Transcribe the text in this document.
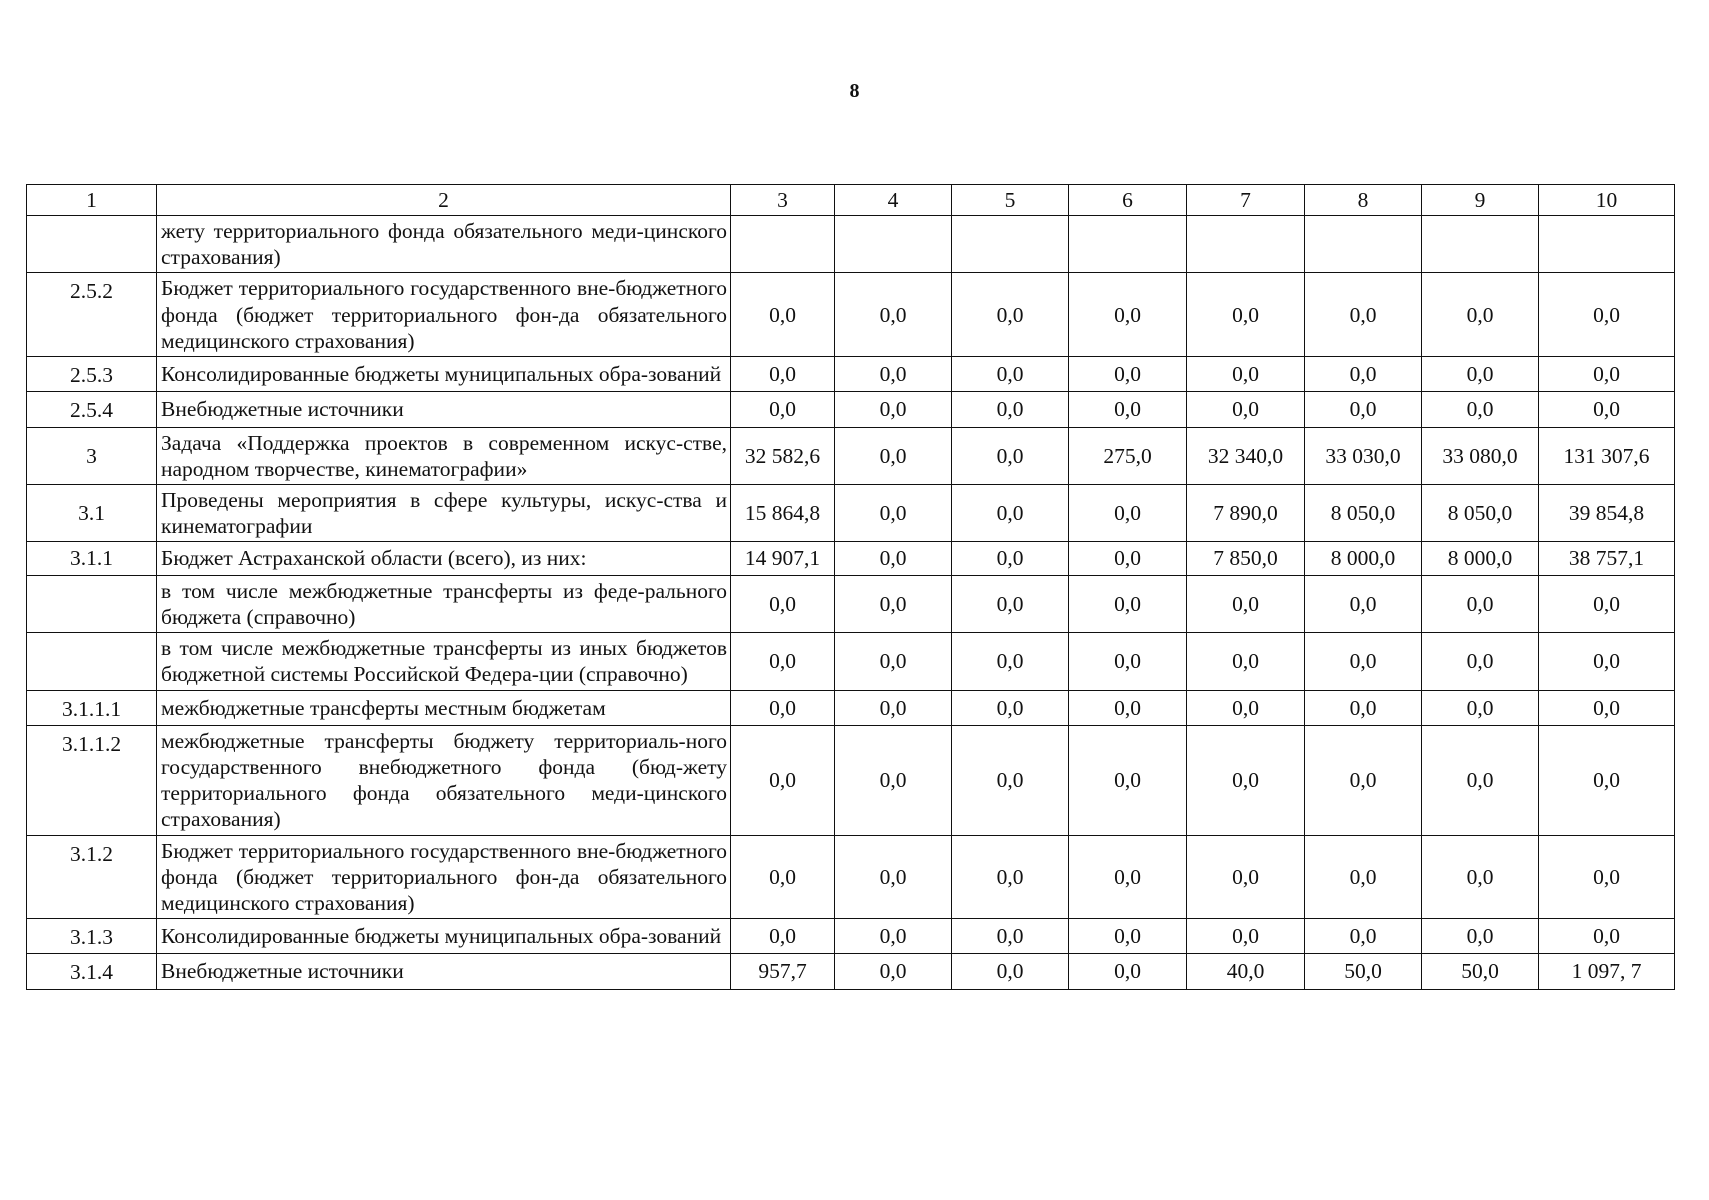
8
1	2	3	4	5	6	7	8	9	10
	жету территориального фонда обязательного меди-цинского страхования)								
2.5.2	Бюджет территориального государственного вне-бюджетного фонда (бюджет территориального фон-да обязательного медицинского страхования)	0,0	0,0	0,0	0,0	0,0	0,0	0,0	0,0
2.5.3	Консолидированные бюджеты муниципальных обра-зований	0,0	0,0	0,0	0,0	0,0	0,0	0,0	0,0
2.5.4	Внебюджетные источники	0,0	0,0	0,0	0,0	0,0	0,0	0,0	0,0
3	Задача «Поддержка проектов в современном искус-стве, народном творчестве, кинематографии»	32 582,6	0,0	0,0	275,0	32 340,0	33 030,0	33 080,0	131 307,6
3.1	Проведены мероприятия в сфере культуры, искус-ства и кинематографии	15 864,8	0,0	0,0	0,0	7 890,0	8 050,0	8 050,0	39 854,8
3.1.1	Бюджет Астраханской области (всего), из них:	14 907,1	0,0	0,0	0,0	7 850,0	8 000,0	8 000,0	38 757,1
	в том числе межбюджетные трансферты из феде-рального бюджета (справочно)	0,0	0,0	0,0	0,0	0,0	0,0	0,0	0,0
	в том числе межбюджетные трансферты из иных бюджетов бюджетной системы Российской Федера-ции (справочно)	0,0	0,0	0,0	0,0	0,0	0,0	0,0	0,0
3.1.1.1	межбюджетные трансферты местным бюджетам	0,0	0,0	0,0	0,0	0,0	0,0	0,0	0,0
3.1.1.2	межбюджетные трансферты бюджету территориаль-ного государственного внебюджетного фонда (бюд-жету территориального фонда обязательного меди-цинского страхования)	0,0	0,0	0,0	0,0	0,0	0,0	0,0	0,0
3.1.2	Бюджет территориального государственного вне-бюджетного фонда (бюджет территориального фон-да обязательного медицинского страхования)	0,0	0,0	0,0	0,0	0,0	0,0	0,0	0,0
3.1.3	Консолидированные бюджеты муниципальных обра-зований	0,0	0,0	0,0	0,0	0,0	0,0	0,0	0,0
3.1.4	Внебюджетные источники	957,7	0,0	0,0	0,0	40,0	50,0	50,0	1 097, 7
